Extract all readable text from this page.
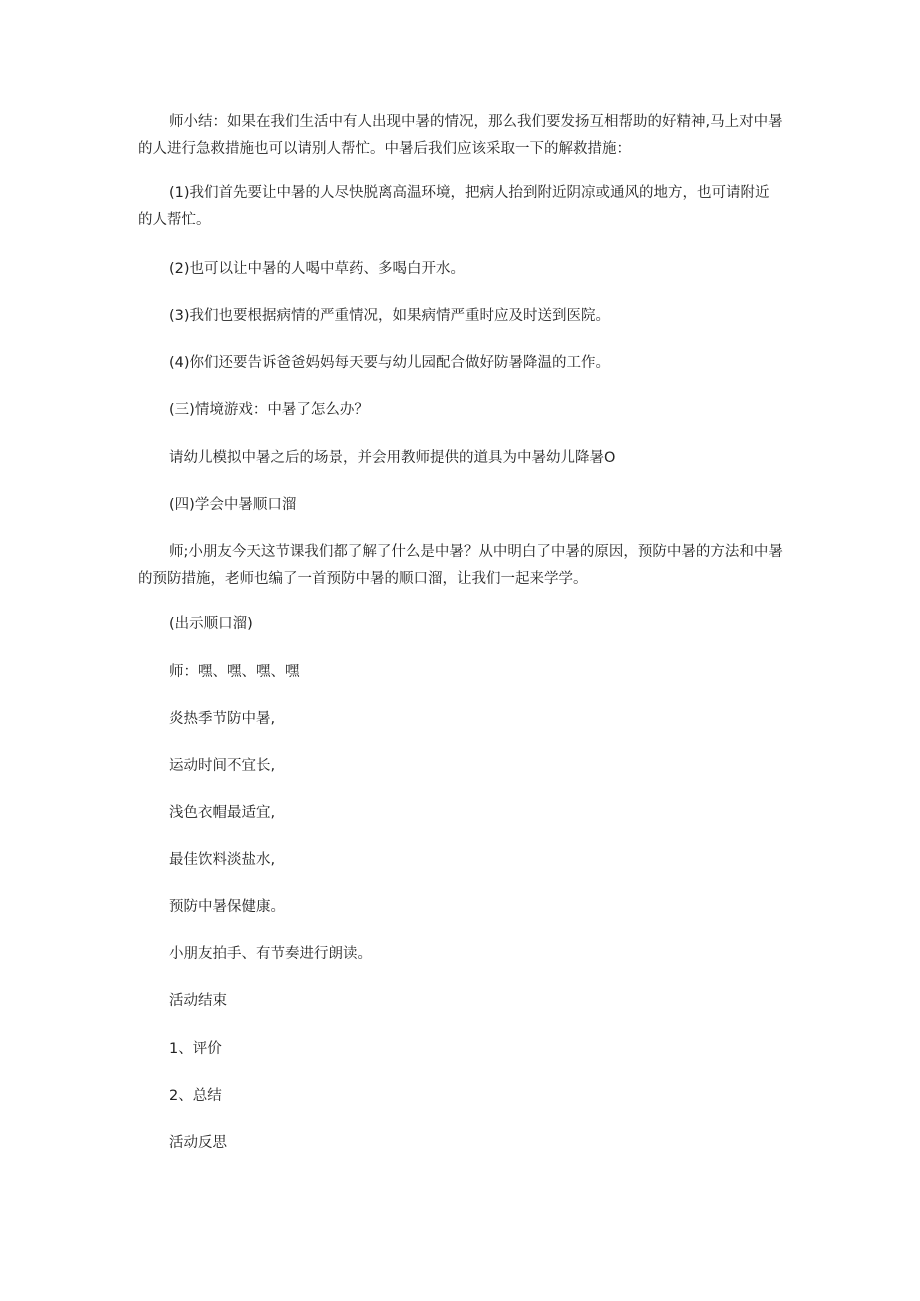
师小结：如果在我们生活中有人出现中暑的情况，那么我们要发扬互相帮助的好精神,马上对中暑的人进行急救措施也可以请别人帮忙。中暑后我们应该采取一下的解救措施：

(1)我们首先要让中暑的人尽快脱离高温环境，把病人抬到附近阴凉或通风的地方，也可请附近的人帮忙。

(2)也可以让中暑的人喝中草药、多喝白开水。

(3)我们也要根据病情的严重情况，如果病情严重时应及时送到医院。

(4)你们还要告诉爸爸妈妈每天要与幼儿园配合做好防暑降温的工作。

(三)情境游戏：中暑了怎么办？

请幼儿模拟中暑之后的场景，并会用教师提供的道具为中暑幼儿降暑O

(四)学会中暑顺口溜

师;小朋友今天这节课我们都了解了什么是中暑？从中明白了中暑的原因，预防中暑的方法和中暑的预防措施，老师也编了一首预防中暑的顺口溜，让我们一起来学学。

(出示顺口溜)

师：嘿、嘿、嘿、嘿

炎热季节防中暑,

运动时间不宜长,

浅色衣帽最适宜,

最佳饮料淡盐水,

预防中暑保健康。

小朋友拍手、有节奏进行朗读。

活动结束

1、评价

2、总结

活动反思
